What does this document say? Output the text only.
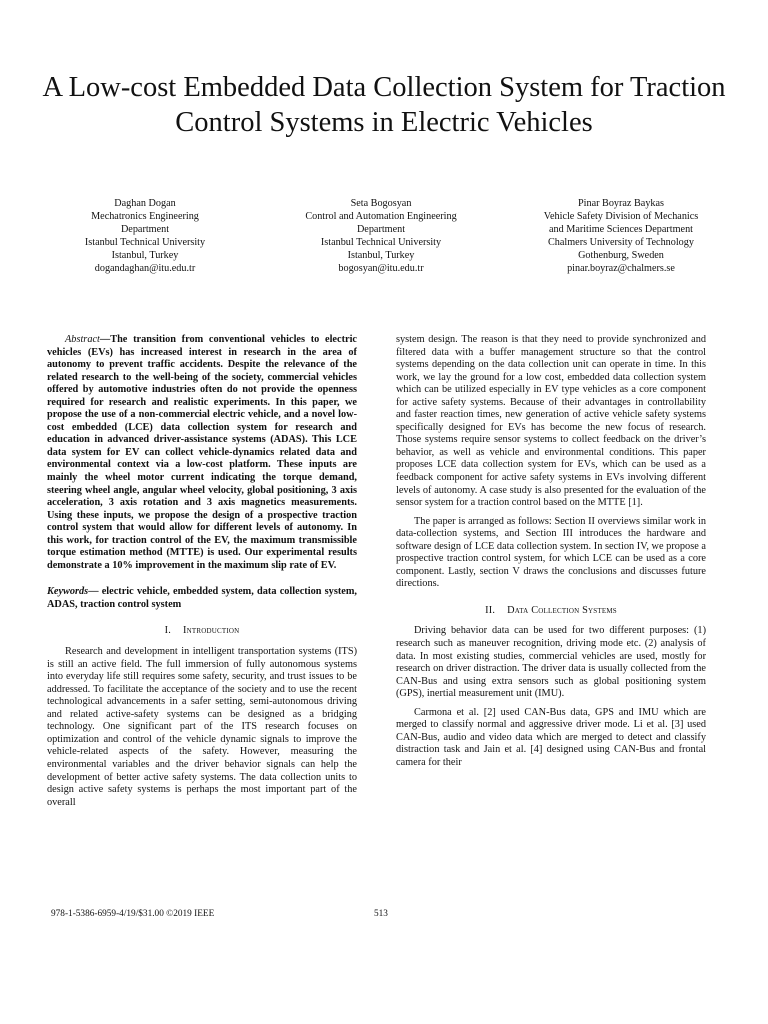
A Low-cost Embedded Data Collection System for Traction Control Systems in Electric Vehicles
Daghan Dogan
Mechatronics Engineering
Department
Istanbul Technical University
Istanbul, Turkey
dogandaghan@itu.edu.tr
Seta Bogosyan
Control and Automation Engineering
Department
Istanbul Technical University
Istanbul, Turkey
bogosyan@itu.edu.tr
Pinar Boyraz Baykas
Vehicle Safety Division of Mechanics
and Maritime Sciences Department
Chalmers University of Technology
Gothenburg, Sweden
pinar.boyraz@chalmers.se

Abstract—The transition from conventional vehicles to electric vehicles (EVs) has increased interest in research in the area of autonomy to prevent traffic accidents. Despite the relevance of the related research to the well-being of the society, commercial vehicles offered by automotive industries often do not provide the openness required for research and realistic experiments. In this paper, we propose the use of a non-commercial electric vehicle, and a novel low-cost embedded (LCE) data collection system for research and education in advanced driver-assistance systems (ADAS). This LCE data system for EV can collect vehicle-dynamics related data and environmental context via a low-cost platform. These inputs are mainly the wheel motor current indicating the torque demand, steering wheel angle, angular wheel velocity, global positioning, 3 axis acceleration, 3 axis rotation and 3 axis magnetics measurements. Using these inputs, we propose the design of a prospective traction control system that would allow for different levels of autonomy. In this work, for traction control of the EV, the maximum transmissible torque estimation method (MTTE) is used. Our experimental results demonstrate a 10% improvement in the maximum slip rate of EV.

Keywords— electric vehicle, embedded system, data collection system, ADAS, traction control system

I. Introduction

Research and development in intelligent transportation systems (ITS) is still an active field. The full immersion of fully autonomous systems into everyday life still requires some safety, security, and trust issues to be addressed. To facilitate the acceptance of the society and to use the recent technological advancements in a safer setting, semi-autonomous driving and related active-safety systems can be designed as a bridging technology. One significant part of the ITS research focuses on optimization and control of the vehicle dynamic signals to improve the vehicle-related aspects of the safety. However, measuring the environmental variables and the driver behavior signals can help the development of better active safety systems. The data collection units to design active safety systems is perhaps the most important part of the overall

system design. The reason is that they need to provide synchronized and filtered data with a buffer management structure so that the control systems depending on the data collection unit can operate in time. In this work, we lay the ground for a low cost, embedded data collection system which can be utilized especially in EV type vehicles as a core component for active safety systems. Because of their advantages in controllability and faster reaction times, new generation of active vehicle safety systems specifically designed for EVs has become the new focus of research. Those systems require sensor systems to collect feedback on the driver’s behavior, as well as vehicle and environmental conditions. This paper proposes LCE data collection system for EVs, which can be used as a feedback component for active safety systems in EVs involving different levels of autonomy. A case study is also presented for the evaluation of the sensor system for a traction control based on the MTTE [1].

The paper is arranged as follows: Section II overviews similar work in data-collection systems, and Section III introduces the hardware and software design of LCE data collection system. In section IV, we propose a prospective traction control system, for which LCE can be used as a core component. Lastly, section V draws the conclusions and discusses future directions.

II. Data Collection Systems

Driving behavior data can be used for two different purposes: (1) research such as maneuver recognition, driving mode etc. (2) analysis of data. In most existing studies, commercial vehicles are used, mostly for research on driver distraction. The driver data is usually collected from the CAN-Bus and using extra sensors such as global positioning system (GPS), inertial measurement unit (IMU).

Carmona et al. [2] used CAN-Bus data, GPS and IMU which are merged to classify normal and aggressive driver mode. Li et al. [3] used CAN-Bus, audio and video data which are merged to detect and classify distraction task and Jain et al. [4] designed using CAN-Bus and frontal camera for their

978-1-5386-6959-4/19/$31.00 ©2019 IEEE	513
